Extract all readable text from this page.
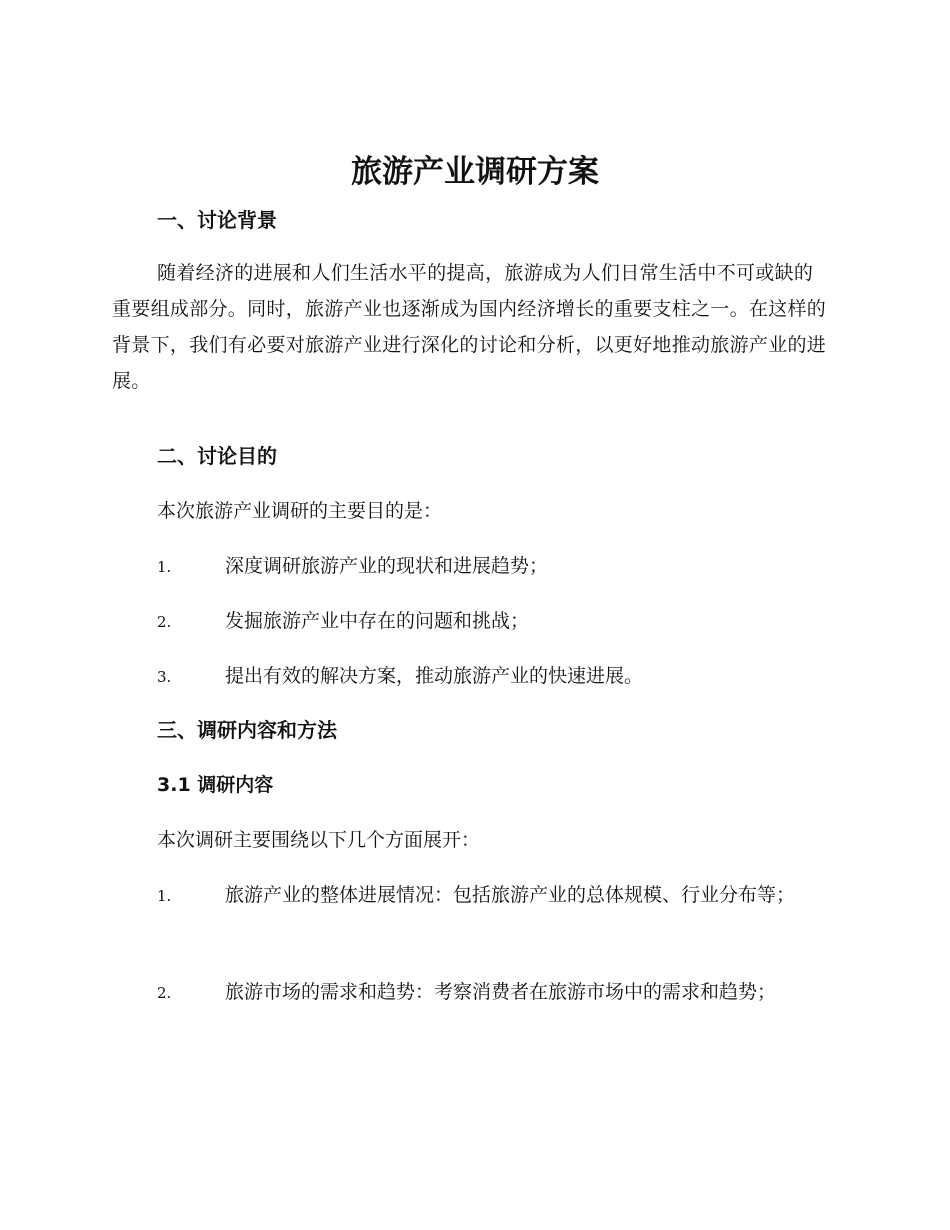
旅游产业调研方案
一、讨论背景

随着经济的进展和人们生活水平的提高，旅游成为人们日常生活中不可或缺的重要组成部分。同时，旅游产业也逐渐成为国内经济增长的重要支柱之一。在这样的背景下，我们有必要对旅游产业进行深化的讨论和分析，以更好地推动旅游产业的进展。

二、讨论目的

本次旅游产业调研的主要目的是：

1.	深度调研旅游产业的现状和进展趋势；

2.	发掘旅游产业中存在的问题和挑战；

3.	提出有效的解决方案，推动旅游产业的快速进展。

三、调研内容和方法
3.1 调研内容

本次调研主要围绕以下几个方面展开：

1.	旅游产业的整体进展情况：包括旅游产业的总体规模、行业分布等；

2.	旅游市场的需求和趋势：考察消费者在旅游市场中的需求和趋势；
